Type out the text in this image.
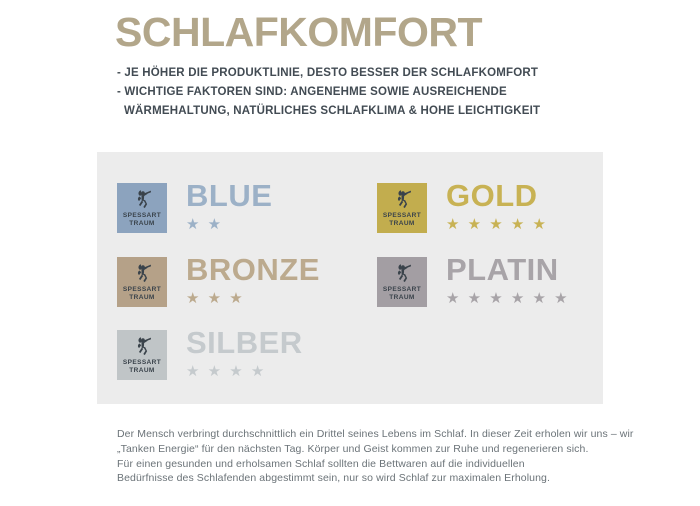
SCHLAFKOMFORT
- JE HÖHER DIE PRODUKTLINIE, DESTO BESSER DER SCHLAFKOMFORT
- WICHTIGE FAKTOREN SIND: ANGENEHME SOWIE AUSREICHENDE
WÄRMEHALTUNG, NATÜRLICHES SCHLAFKLIMA & HOHE LEICHTIGKEIT
SPESSART
TRAUM
BLUE
★ ★
SPESSART
TRAUM
GOLD
★ ★ ★ ★ ★
SPESSART
TRAUM
BRONZE
★ ★ ★
SPESSART
TRAUM
PLATIN
★ ★ ★ ★ ★ ★
SPESSART
TRAUM
SILBER
★ ★ ★ ★
Der Mensch verbringt durchschnittlich ein Drittel seines Lebens im Schlaf. In dieser Zeit erholen wir uns – wir
„Tanken Energie“ für den nächsten Tag. Körper und Geist kommen zur Ruhe und regenerieren sich.
Für einen gesunden und erholsamen Schlaf sollten die Bettwaren auf die individuellen
Bedürfnisse des Schlafenden abgestimmt sein, nur so wird Schlaf zur maximalen Erholung.
